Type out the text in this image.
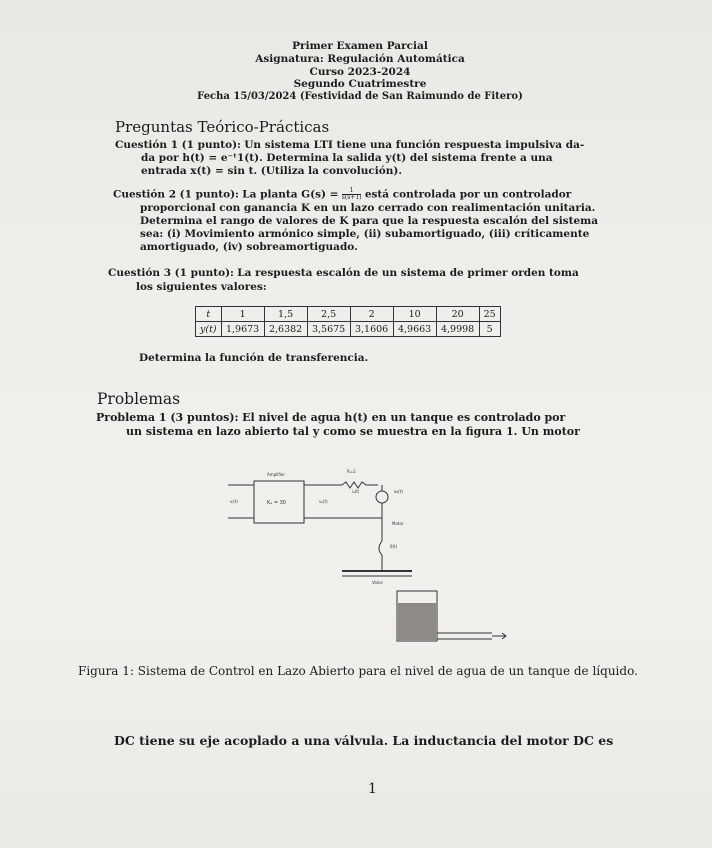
Primer Examen Parcial
Asignatura: Regulación Automática
Curso 2023-2024
Segundo Cuatrimestre
Fecha 15/03/2024 (Festividad de San Raimundo de Fitero)
Preguntas Teórico-Prácticas
Cuestión 1 (1 punto): Un sistema LTI tiene una función respuesta impulsiva da-
da por h(t) = e⁻ᵗ1(t). Determina la salida y(t) del sistema frente a una
entrada x(t) = sin t. (Utiliza la convolución).
Cuestión 2 (1 punto): La planta $G(s) = \frac{1}{s(s+1)}$ está controlada por un controlador
proporcional con ganancia K en un lazo cerrado con realimentación unitaria.
Determina el rango de valores de K para que la respuesta escalón del sistema
sea: (i) Movimiento armónico simple, (ii) subamortiguado, (iii) críticamente
amortiguado, (iv) sobreamortiguado.
Cuestión 3 (1 punto): La respuesta escalón de un sistema de primer orden toma
los siguientes valores:
t	1	1,5	2,5	2	10	20	25
y(t)	1,9673	2,6382	3,5675	3,1606	4,9663	4,9998	5
Determina la función de transferencia.
Problemas
Problema 1 (3 puntos): El nivel de agua h(t) en un tanque es controlado por
un sistema en lazo abierto tal y como se muestra en la figura 1. Un motor
Amplifier
Kₐ = 30
vᵢ(t)	vₐ(t)
R=2
iₐ(t)	eᵦ(t)
Motor
θ(t)
Valve
Figura 1: Sistema de Control en Lazo Abierto para el nivel de agua de un tanque de líquido.
DC tiene su eje acoplado a una válvula. La inductancia del motor DC es
1
